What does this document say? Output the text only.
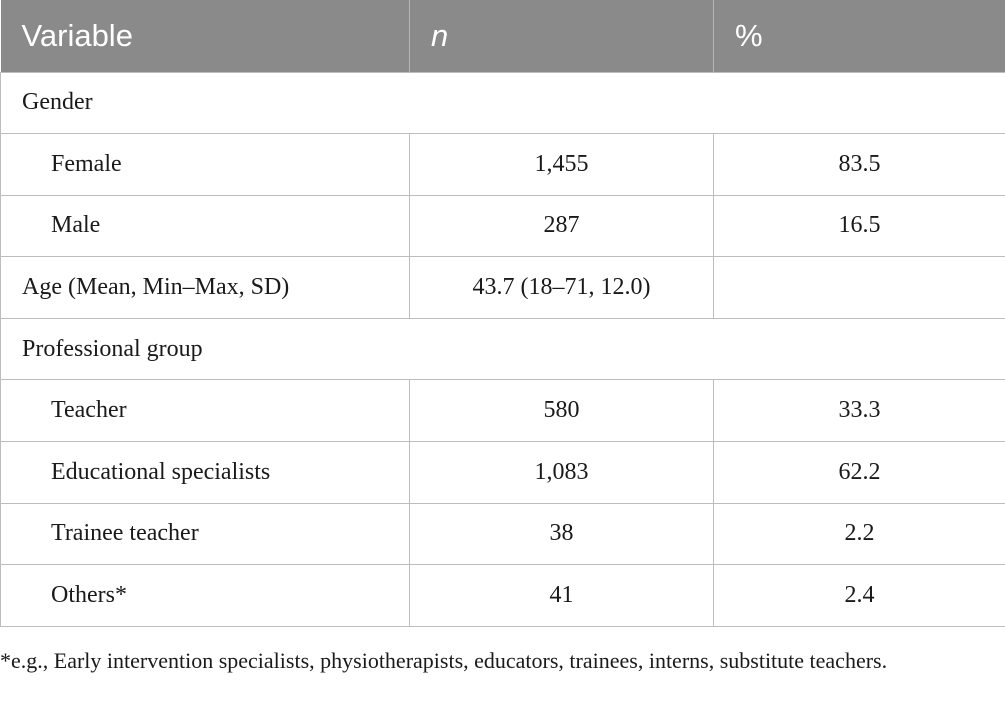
Variable	n	%
Gender		
Female	1,455	83.5
Male	287	16.5
Age (Mean, Min–Max, SD)	43.7 (18–71, 12.0)	
Professional group		
Teacher	580	33.3
Educational specialists	1,083	62.2
Trainee teacher	38	2.2
Others*	41	2.4

*e.g., Early intervention specialists, physiotherapists, educators, trainees, interns, substitute teachers.
